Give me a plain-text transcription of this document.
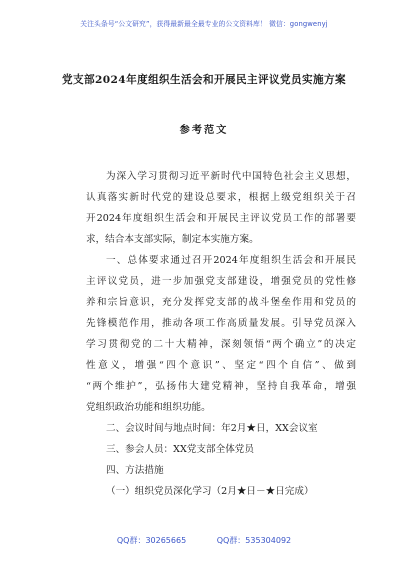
关注头条号“公文研究”，获得最新最全最专业的公文资料库！ 微信：gongwenyj
党支部2024年度组织生活会和开展民主评议党员实施方案
参考范文
为深入学习贯彻习近平新时代中国特色社会主义思想，
认真落实新时代党的建设总要求，根据上级党组织关于召
开2024年度组织生活会和开展民主评议党员工作的部署要
求，结合本支部实际，制定本实施方案。
一、总体要求通过召开2024年度组织生活会和开展民
主评议党员，进一步加强党支部建设，增强党员的党性修
养和宗旨意识，充分发挥党支部的战斗堡垒作用和党员的
先锋模范作用，推动各项工作高质量发展。引导党员深入
学习贯彻党的二十大精神，深刻领悟“两个确立”的决定
性意义，增强“四个意识”、坚定“四个自信”、做到
“两个维护”，弘扬伟大建党精神，坚持自我革命，增强
党组织政治功能和组织功能。
二、会议时间与地点时间：年2月★日，XX会议室
三、参会人员：XX党支部全体党员
四、方法措施
（一）组织党员深化学习（2月★日－★日完成）
QQ群：30265665	QQ群：535304092
